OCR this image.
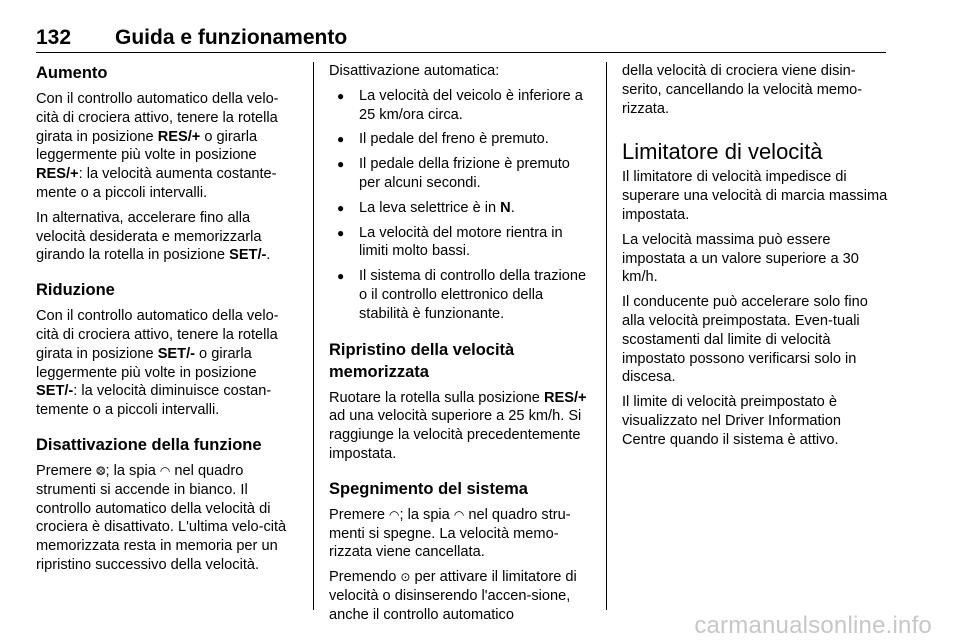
132 Guida e funzionamento
Aumento

Con il controllo automatico della velo-cità di crociera attivo, tenere la rotella girata in posizione RES/+ o girarla leggermente più volte in posizione RES/+: la velocità aumenta costante-mente o a piccoli intervalli.

In alternativa, accelerare fino alla velocità desiderata e memorizzarla girando la rotella in posizione SET/-.

Riduzione

Con il controllo automatico della velo-cità di crociera attivo, tenere la rotella girata in posizione SET/- o girarla leggermente più volte in posizione SET/-: la velocità diminuisce costan-temente o a piccoli intervalli.

Disattivazione della funzione

Premere ⨷; la spia ◠ nel quadro strumenti si accende in bianco. Il controllo automatico della velocità di crociera è disattivato. L'ultima velo-cità memorizzata resta in memoria per un ripristino successivo della velocità.

Disattivazione automatica:

● La velocità del veicolo è inferiore a 25 km/ora circa.
● Il pedale del freno è premuto.
● Il pedale della frizione è premuto per alcuni secondi.
● La leva selettrice è in N.
● La velocità del motore rientra in limiti molto bassi.
● Il sistema di controllo della trazione o il controllo elettronico della stabilità è funzionante.
Ripristino della velocità memorizzata

Ruotare la rotella sulla posizione RES/+ ad una velocità superiore a 25 km/h. Si raggiunge la velocità precedentemente impostata.

Spegnimento del sistema

Premere ◠; la spia ◠ nel quadro stru-menti si spegne. La velocità memo-rizzata viene cancellata.

Premendo ⊙ per attivare il limitatore di velocità o disinserendo l'accen-sione, anche il controllo automatico

della velocità di crociera viene disin-serito, cancellando la velocità memo-rizzata.

Limitatore di velocità

Il limitatore di velocità impedisce di superare una velocità di marcia massima impostata.

La velocità massima può essere impostata a un valore superiore a 30 km/h.

Il conducente può accelerare solo fino alla velocità preimpostata. Even-tuali scostamenti dal limite di velocità impostato possono verificarsi solo in discesa.

Il limite di velocità preimpostato è visualizzato nel Driver Information Centre quando il sistema è attivo.

carmanualsonline.info
